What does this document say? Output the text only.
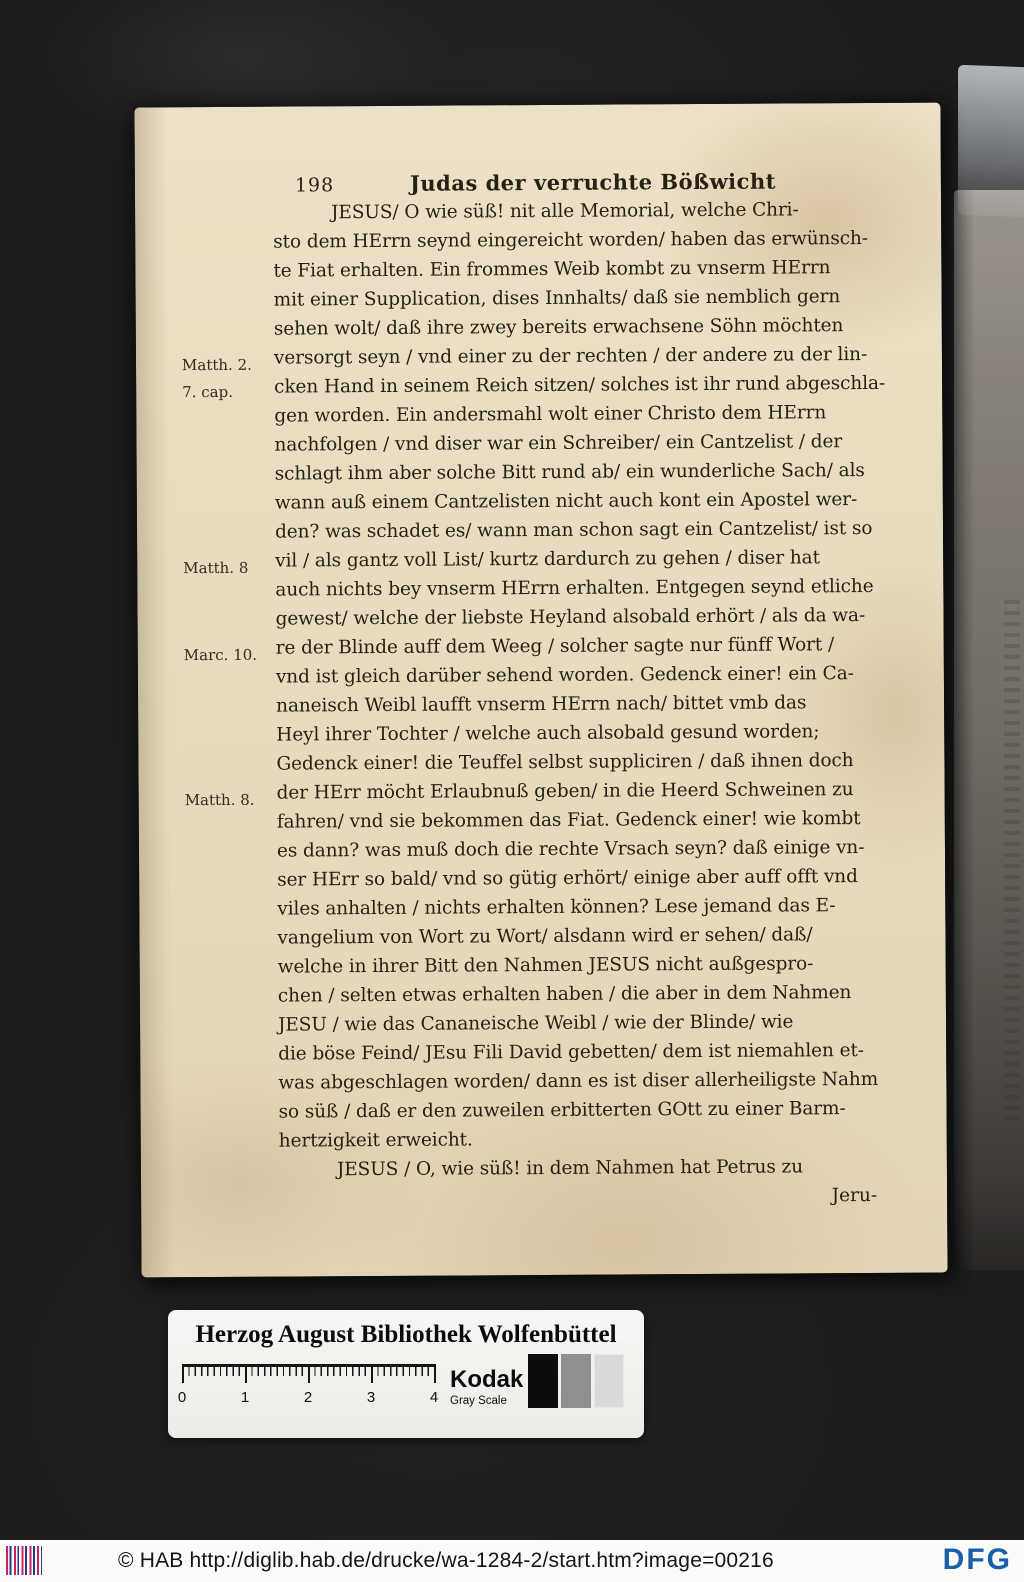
198	Judas der verruchte Bößwicht
Matth. 2.
7. cap.
Matth. 8
Marc. 10.
Matth. 8.
JESUS/ O wie süß! nit alle Memorial, welche Chri-
sto dem HErrn seynd eingereicht worden/ haben das erwünsch-
te Fiat erhalten. Ein frommes Weib kombt zu vnserm HErrn
mit einer Supplication, dises Innhalts/ daß sie nemblich gern
sehen wolt/ daß ihre zwey bereits erwachsene Söhn möchten
versorgt seyn / vnd einer zu der rechten / der andere zu der lin-
cken Hand in seinem Reich sitzen/ solches ist ihr rund abgeschla-
gen worden. Ein andersmahl wolt einer Christo dem HErrn
nachfolgen / vnd diser war ein Schreiber/ ein Cantzelist / der
schlagt ihm aber solche Bitt rund ab/ ein wunderliche Sach/ als
wann auß einem Cantzelisten nicht auch kont ein Apostel wer-
den? was schadet es/ wann man schon sagt ein Cantzelist/ ist so
vil / als gantz voll List/ kurtz dardurch zu gehen / diser hat
auch nichts bey vnserm HErrn erhalten. Entgegen seynd etliche
gewest/ welche der liebste Heyland alsobald erhört / als da wa-
re der Blinde auff dem Weeg / solcher sagte nur fünff Wort /
vnd ist gleich darüber sehend worden. Gedenck einer! ein Ca-
naneisch Weibl laufft vnserm HErrn nach/ bittet vmb das
Heyl ihrer Tochter / welche auch alsobald gesund worden;
Gedenck einer! die Teuffel selbst suppliciren / daß ihnen doch
der HErr möcht Erlaubnuß geben/ in die Heerd Schweinen zu
fahren/ vnd sie bekommen das Fiat. Gedenck einer! wie kombt
es dann? was muß doch die rechte Vrsach seyn? daß einige vn-
ser HErr so bald/ vnd so gütig erhört/ einige aber auff offt vnd
viles anhalten / nichts erhalten können? Lese jemand das E-
vangelium von Wort zu Wort/ alsdann wird er sehen/ daß/
welche in ihrer Bitt den Nahmen JESUS nicht außgespro-
chen / selten etwas erhalten haben / die aber in dem Nahmen
JESU / wie das Cananeische Weibl / wie der Blinde/ wie
die böse Feind/ JEsu Fili David gebetten/ dem ist niemahlen et-
was abgeschlagen worden/ dann es ist diser allerheiligste Nahm
so süß / daß er den zuweilen erbitterten GOtt zu einer Barm-
hertzigkeit erweicht.
JESUS / O, wie süß! in dem Nahmen hat Petrus zu
Jeru-
Herzog August Bibliothek Wolfenbüttel
0	1	2	3	4
Kodak
Gray Scale
© HAB http://diglib.hab.de/drucke/wa-1284-2/start.htm?image=00216	DFG
